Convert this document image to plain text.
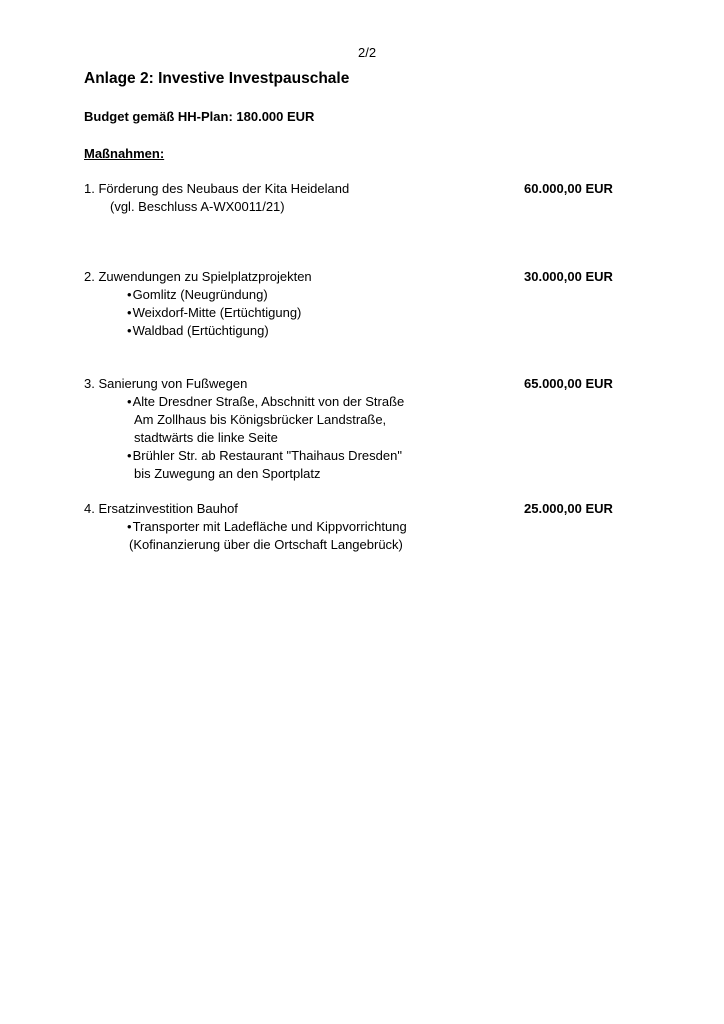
2/2
Anlage 2: Investive Investpauschale
Budget gemäß HH-Plan: 180.000 EUR
Maßnahmen:
1. Förderung des Neubaus der Kita Heideland	60.000,00 EUR
(vgl. Beschluss A-WX0011/21)
2. Zuwendungen zu Spielplatzprojekten	30.000,00 EUR
• Gomlitz (Neugründung)
• Weixdorf-Mitte (Ertüchtigung)
• Waldbad (Ertüchtigung)
3. Sanierung von Fußwegen	65.000,00 EUR
• Alte Dresdner Straße, Abschnitt von der Straße
Am Zollhaus bis Königsbrücker Landstraße,
stadtwärts die linke Seite
• Brühler Str. ab Restaurant "Thaihaus Dresden"
bis Zuwegung an den Sportplatz
4. Ersatzinvestition Bauhof	25.000,00 EUR
• Transporter mit Ladefläche und Kippvorrichtung
(Kofinanzierung über die Ortschaft Langebrück)
